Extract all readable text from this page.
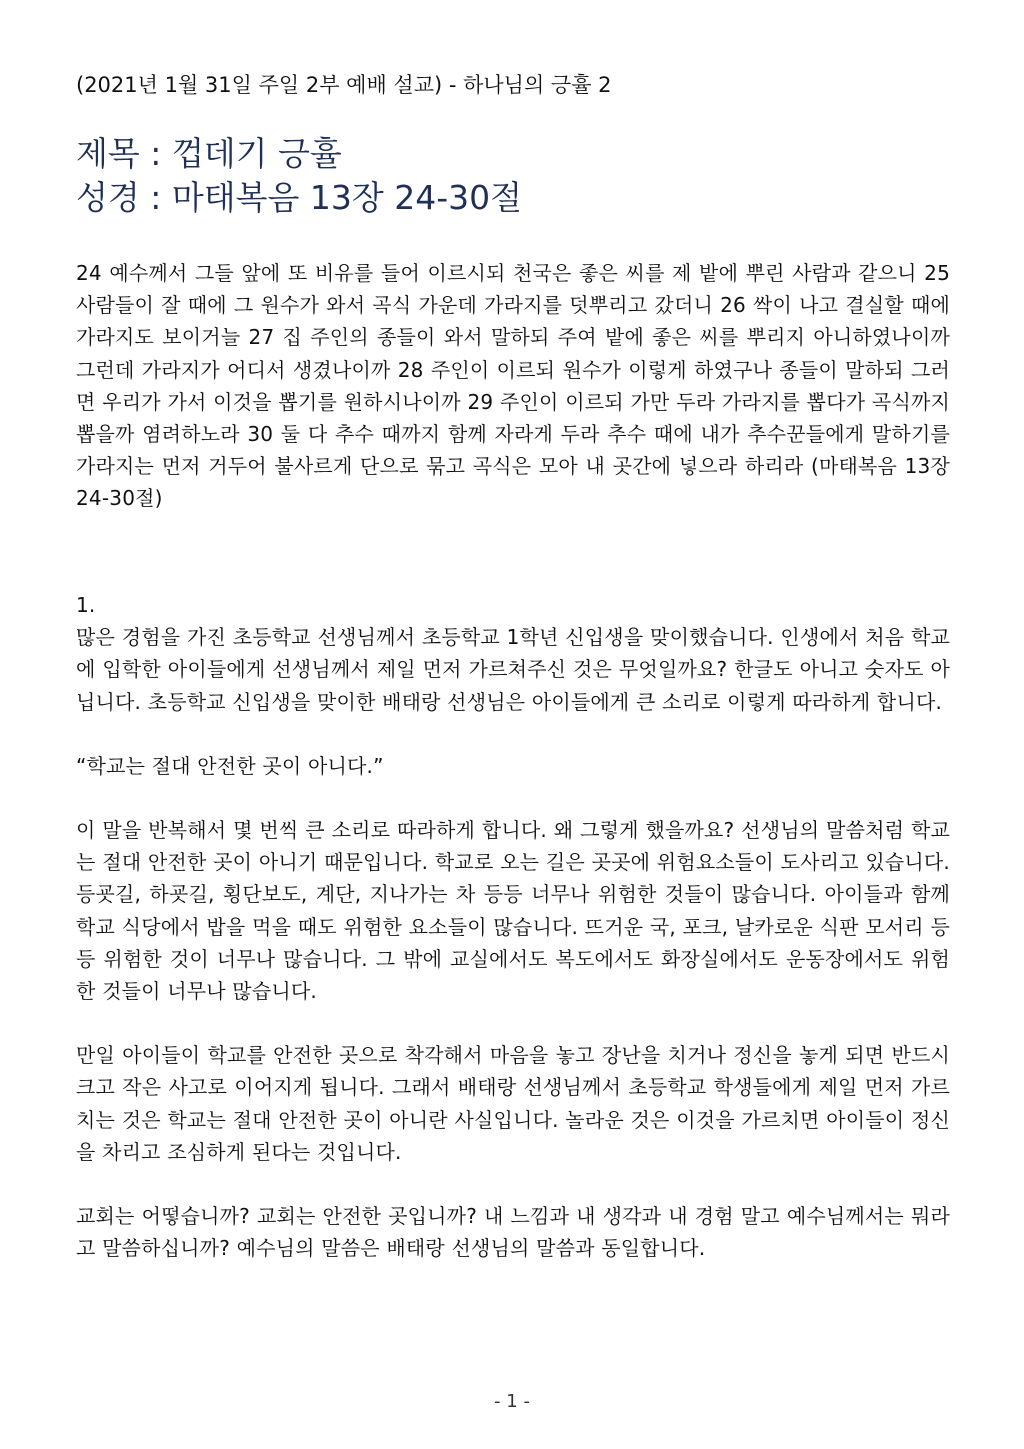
(2021년 1월 31일 주일 2부 예배 설교) - 하나님의 긍휼 2
제목 : 껍데기 긍휼
성경 : 마태복음 13장 24-30절

24 예수께서 그들 앞에 또 비유를 들어 이르시되 천국은 좋은 씨를 제 밭에 뿌린 사람과 같으니 25 사람들이 잘 때에 그 원수가 와서 곡식 가운데 가라지를 덧뿌리고 갔더니 26 싹이 나고 결실할 때에 가라지도 보이거늘 27 집 주인의 종들이 와서 말하되 주여 밭에 좋은 씨를 뿌리지 아니하였나이까 그런데 가라지가 어디서 생겼나이까 28 주인이 이르되 원수가 이렇게 하였구나 종들이 말하되 그러면 우리가 가서 이것을 뽑기를 원하시나이까 29 주인이 이르되 가만 두라 가라지를 뽑다가 곡식까지 뽑을까 염려하노라 30 둘 다 추수 때까지 함께 자라게 두라 추수 때에 내가 추수꾼들에게 말하기를 가라지는 먼저 거두어 불사르게 단으로 묶고 곡식은 모아 내 곳간에 넣으라 하리라 (마태복음 13장 24-30절)

1.

많은 경험을 가진 초등학교 선생님께서 초등학교 1학년 신입생을 맞이했습니다. 인생에서 처음 학교에 입학한 아이들에게 선생님께서 제일 먼저 가르쳐주신 것은 무엇일까요? 한글도 아니고 숫자도 아닙니다. 초등학교 신입생을 맞이한 배태랑 선생님은 아이들에게 큰 소리로 이렇게 따라하게 합니다.

“학교는 절대 안전한 곳이 아니다.”

이 말을 반복해서 몇 번씩 큰 소리로 따라하게 합니다. 왜 그렇게 했을까요? 선생님의 말씀처럼 학교는 절대 안전한 곳이 아니기 때문입니다. 학교로 오는 길은 곳곳에 위험요소들이 도사리고 있습니다. 등굣길, 하굣길, 횡단보도, 계단, 지나가는 차 등등 너무나 위험한 것들이 많습니다. 아이들과 함께 학교 식당에서 밥을 먹을 때도 위험한 요소들이 많습니다. 뜨거운 국, 포크, 날카로운 식판 모서리 등등 위험한 것이 너무나 많습니다. 그 밖에 교실에서도 복도에서도 화장실에서도 운동장에서도 위험한 것들이 너무나 많습니다.

만일 아이들이 학교를 안전한 곳으로 착각해서 마음을 놓고 장난을 치거나 정신을 놓게 되면 반드시 크고 작은 사고로 이어지게 됩니다. 그래서 배태랑 선생님께서 초등학교 학생들에게 제일 먼저 가르치는 것은 학교는 절대 안전한 곳이 아니란 사실입니다. 놀라운 것은 이것을 가르치면 아이들이 정신을 차리고 조심하게 된다는 것입니다.

교회는 어떻습니까? 교회는 안전한 곳입니까? 내 느낌과 내 생각과 내 경험 말고 예수님께서는 뭐라고 말씀하십니까? 예수님의 말씀은 배태랑 선생님의 말씀과 동일합니다.

- 1 -
